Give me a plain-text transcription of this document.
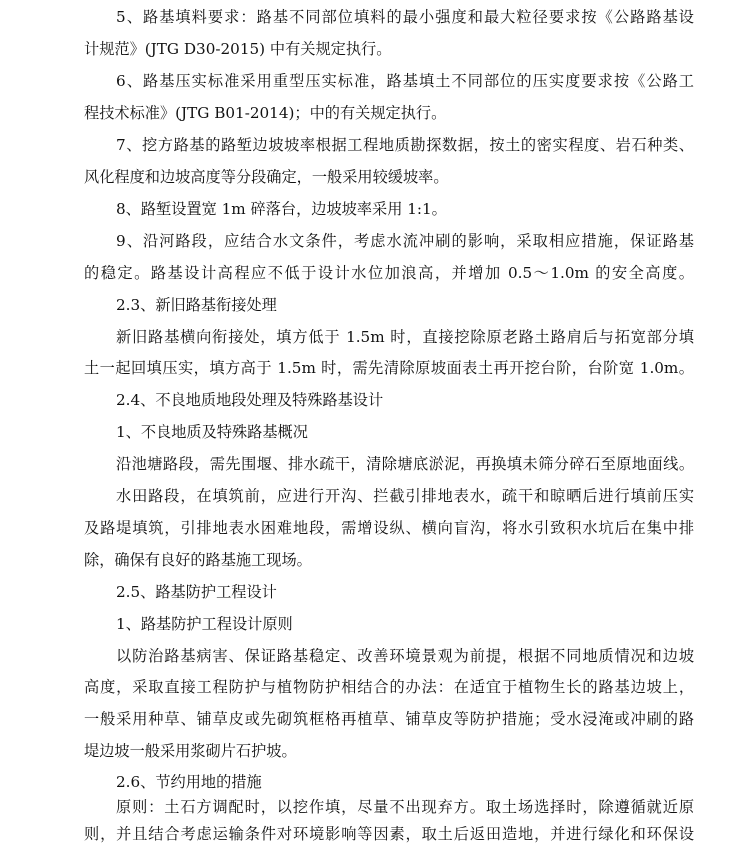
5、路基填料要求：路基不同部位填料的最小强度和最大粒径要求按《公路路基设
计规范》(JTG D30-2015) 中有关规定执行。
6、路基压实标准采用重型压实标准，路基填土不同部位的压实度要求按《公路工
程技术标准》(JTG B01-2014)；中的有关规定执行。
7、挖方路基的路堑边坡坡率根据工程地质勘探数据，按土的密实程度、岩石种类、
风化程度和边坡高度等分段确定，一般采用较缓坡率。
8、路堑设置宽 1m 碎落台，边坡坡率采用 1:1。
9、沿河路段，应结合水文条件，考虑水流冲刷的影响，采取相应措施，保证路基
的稳定。路基设计高程应不低于设计水位加浪高，并增加 0.5～1.0m 的安全高度。
2.3、新旧路基衔接处理
新旧路基横向衔接处，填方低于 1.5m 时，直接挖除原老路土路肩后与拓宽部分填
土一起回填压实，填方高于 1.5m 时，需先清除原坡面表土再开挖台阶，台阶宽 1.0m。
2.4、不良地质地段处理及特殊路基设计
1、不良地质及特殊路基概况
沿池塘路段，需先围堰、排水疏干，清除塘底淤泥，再换填未筛分碎石至原地面线。
水田路段，在填筑前，应进行开沟、拦截引排地表水，疏干和晾晒后进行填前压实
及路堤填筑，引排地表水困难地段，需增设纵、横向盲沟，将水引致积水坑后在集中排
除，确保有良好的路基施工现场。
2.5、路基防护工程设计
1、路基防护工程设计原则
以防治路基病害、保证路基稳定、改善环境景观为前提，根据不同地质情况和边坡
高度，采取直接工程防护与植物防护相结合的办法：在适宜于植物生长的路基边坡上，
一般采用种草、铺草皮或先砌筑框格再植草、铺草皮等防护措施；受水浸淹或冲刷的路
堤边坡一般采用浆砌片石护坡。
2.6、节约用地的措施
原则：土石方调配时，以挖作填，尽量不出现弃方。取土场选择时，除遵循就近原
则，并且结合考虑运输条件对环境影响等因素，取土后返田造地，并进行绿化和环保设
